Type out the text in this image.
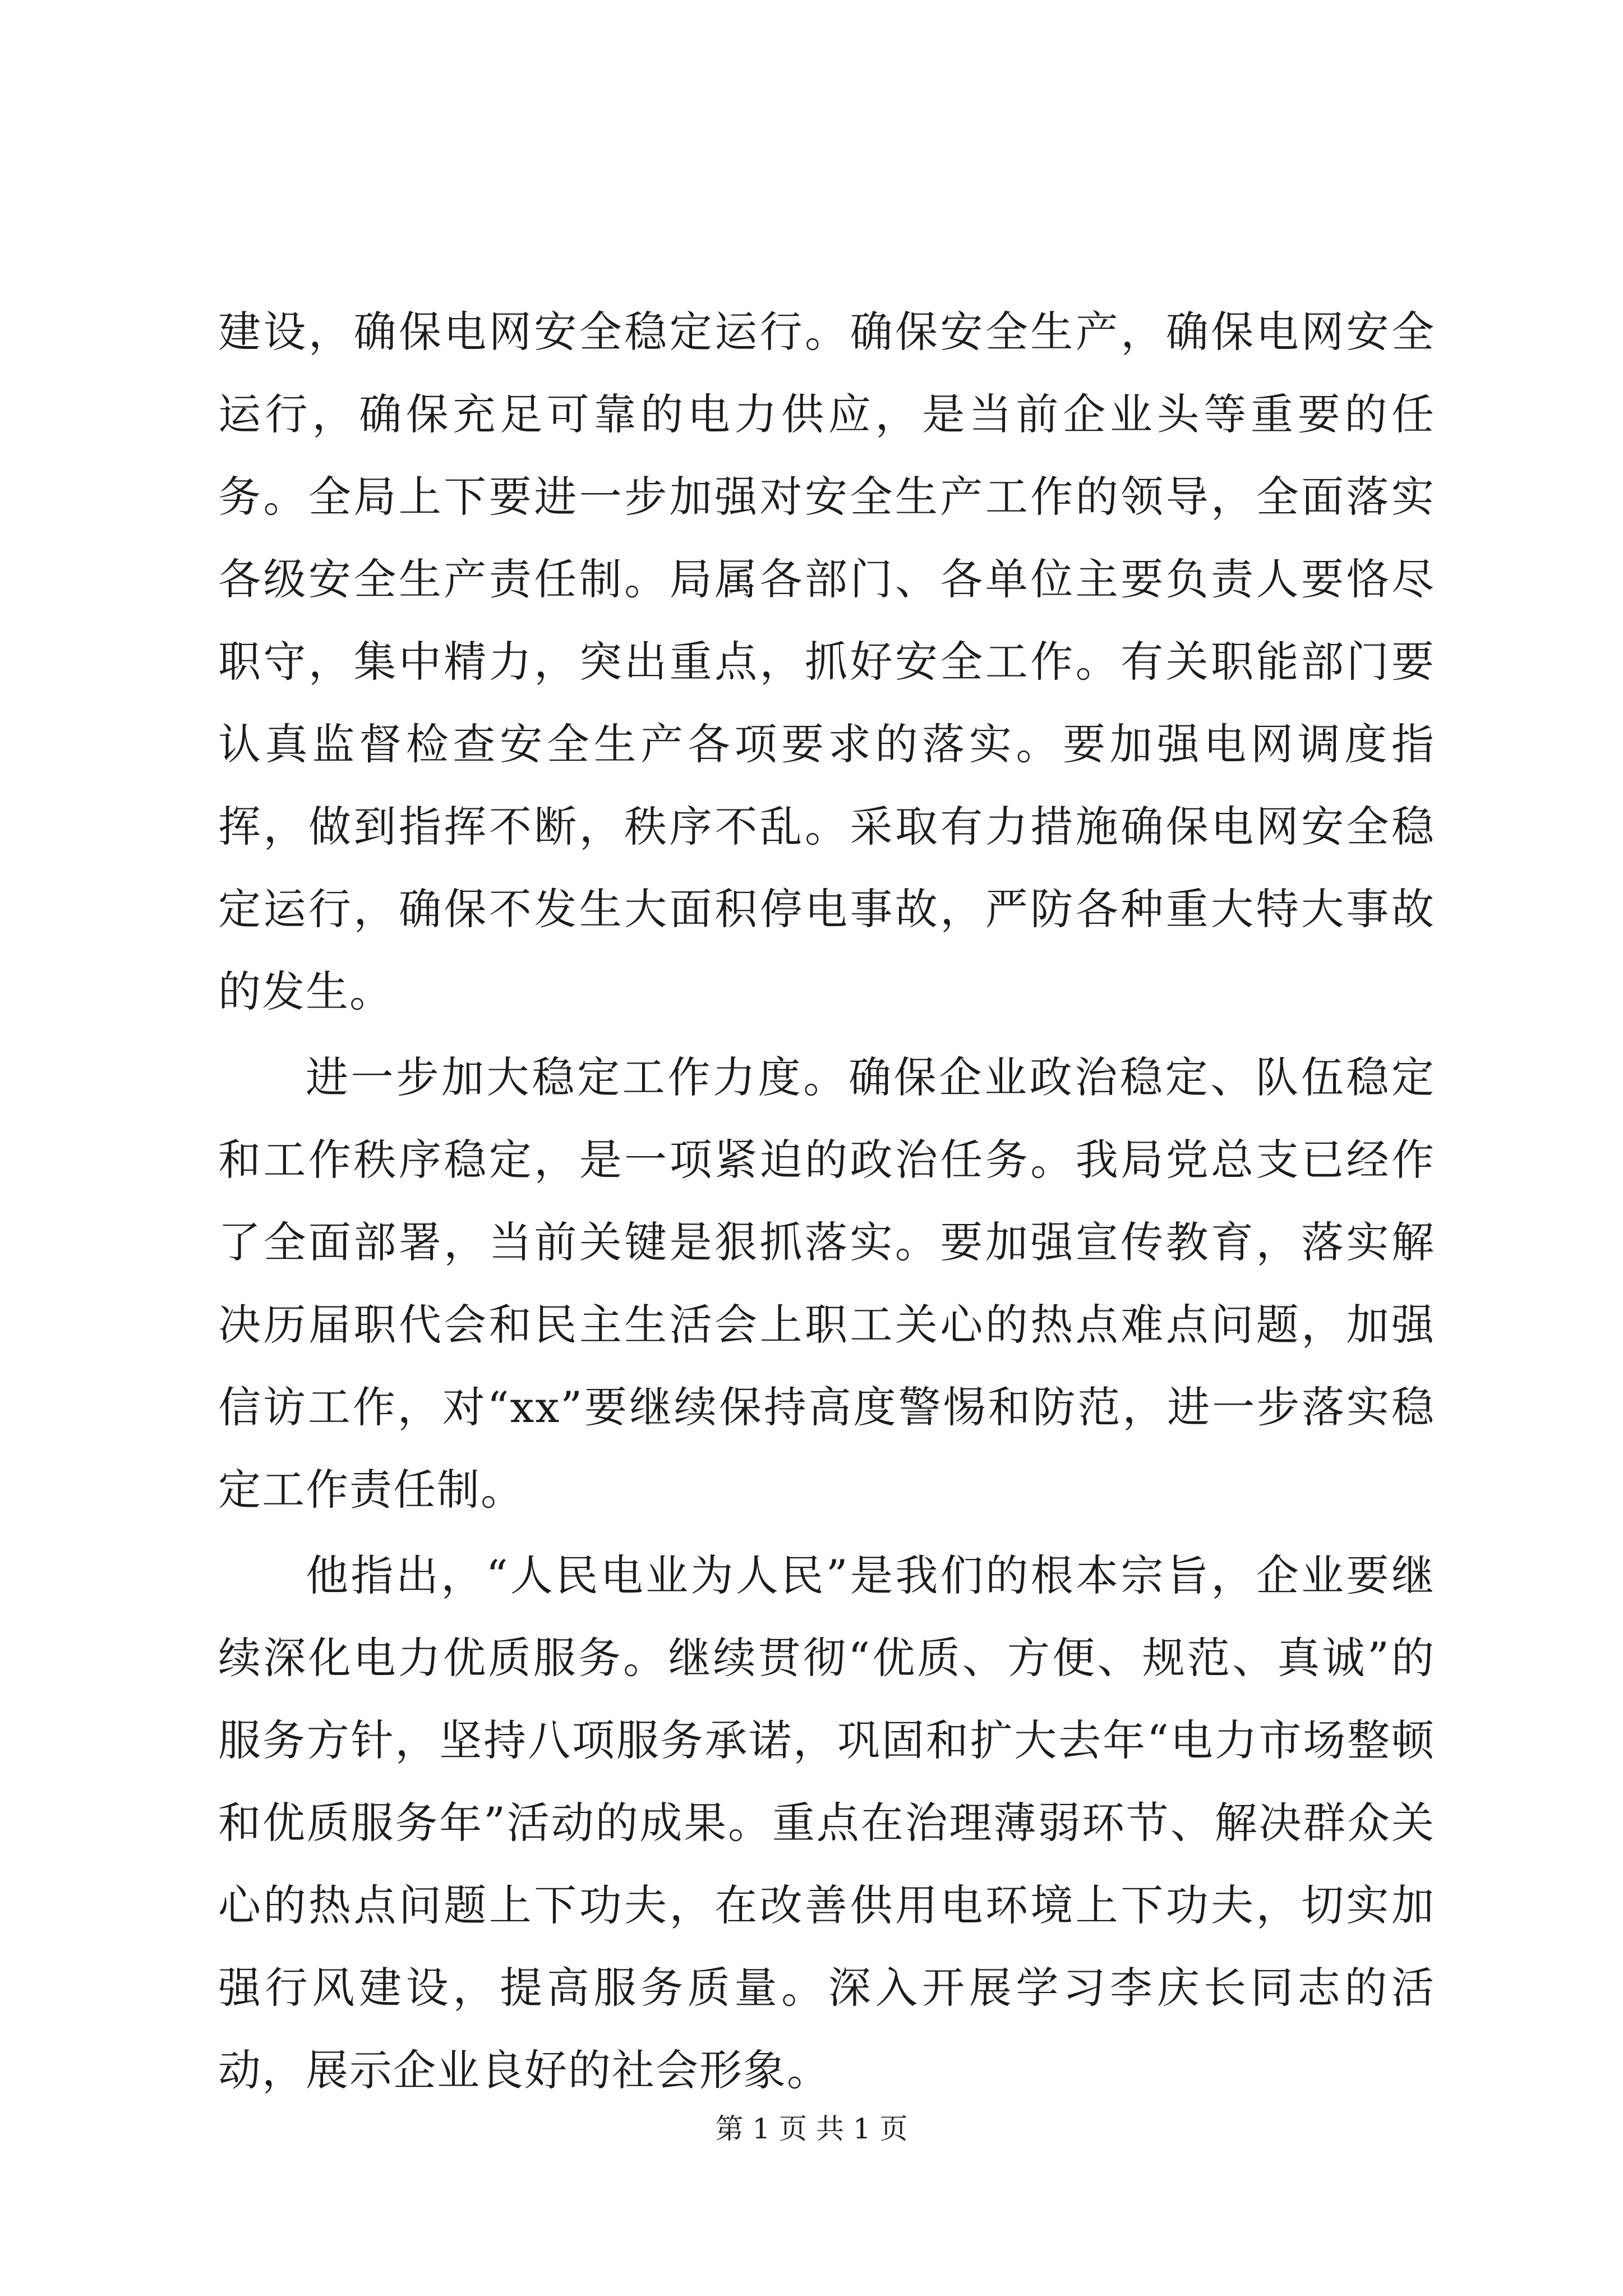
建设，确保电网安全稳定运行。确保安全生产，确保电网安全运行，确保充足可靠的电力供应，是当前企业头等重要的任务。全局上下要进一步加强对安全生产工作的领导，全面落实各级安全生产责任制。局属各部门、各单位主要负责人要恪尽职守，集中精力，突出重点，抓好安全工作。有关职能部门要认真监督检查安全生产各项要求的落实。要加强电网调度指挥，做到指挥不断，秩序不乱。采取有力措施确保电网安全稳定运行，确保不发生大面积停电事故，严防各种重大特大事故的发生。

进一步加大稳定工作力度。确保企业政治稳定、队伍稳定和工作秩序稳定，是一项紧迫的政治任务。我局党总支已经作了全面部署，当前关键是狠抓落实。要加强宣传教育，落实解决历届职代会和民主生活会上职工关心的热点难点问题，加强信访工作，对“xx”要继续保持高度警惕和防范，进一步落实稳定工作责任制。

他指出，“人民电业为人民”是我们的根本宗旨，企业要继续深化电力优质服务。继续贯彻“优质、方便、规范、真诚”的服务方针，坚持八项服务承诺，巩固和扩大去年“电力市场整顿和优质服务年”活动的成果。重点在治理薄弱环节、解决群众关心的热点问题上下功夫，在改善供用电环境上下功夫，切实加强行风建设，提高服务质量。深入开展学习李庆长同志的活动，展示企业良好的社会形象。

第 1 页 共 1 页
